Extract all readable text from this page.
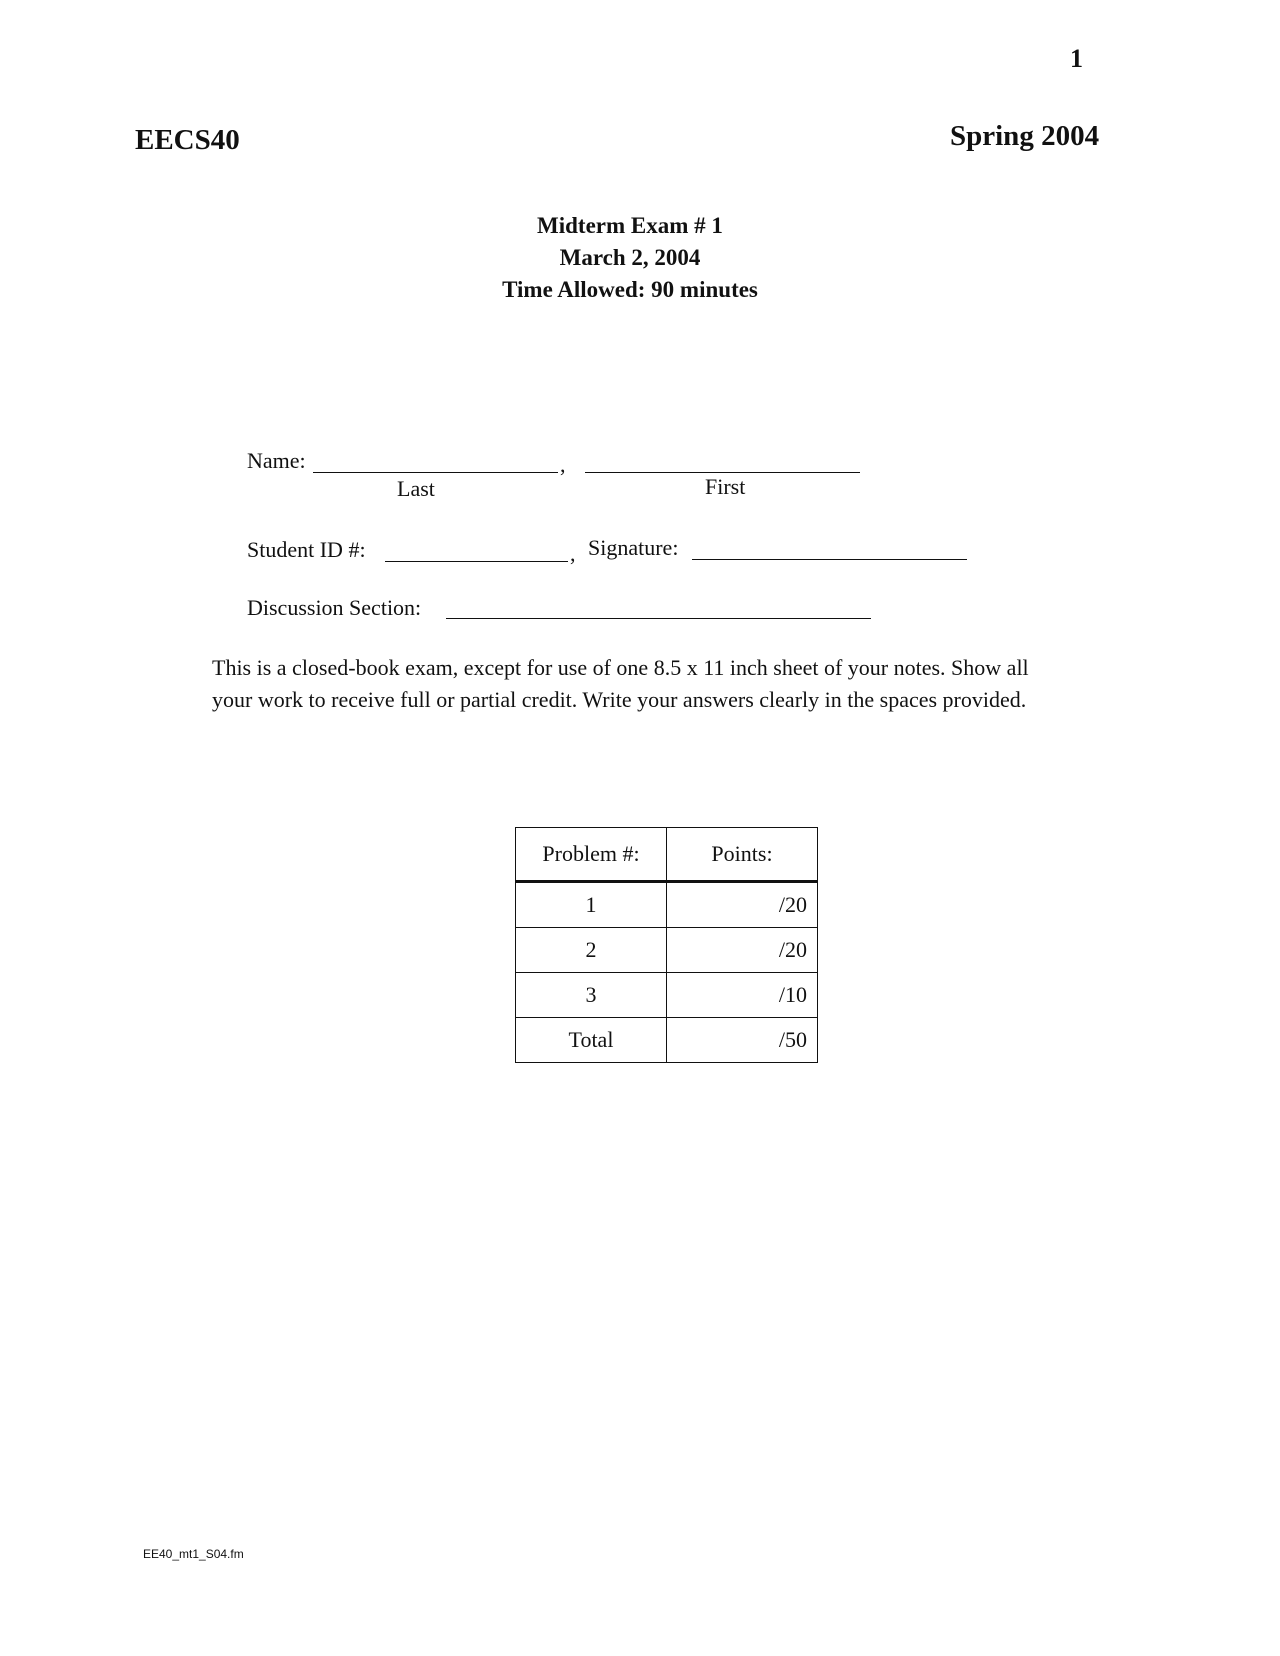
1
EECS40	Spring 2004
Midterm Exam # 1
March 2, 2004
Time Allowed: 90 minutes
Name:	,
Last	First
Student ID #:	, Signature:
Discussion Section:
This is a closed-book exam, except for use of one 8.5 x 11 inch sheet of your notes. Show all your work to receive full or partial credit. Write your answers clearly in the spaces provided.
Problem #:	Points:
1	/20
2	/20
3	/10
Total	/50
EE40_mt1_S04.fm
